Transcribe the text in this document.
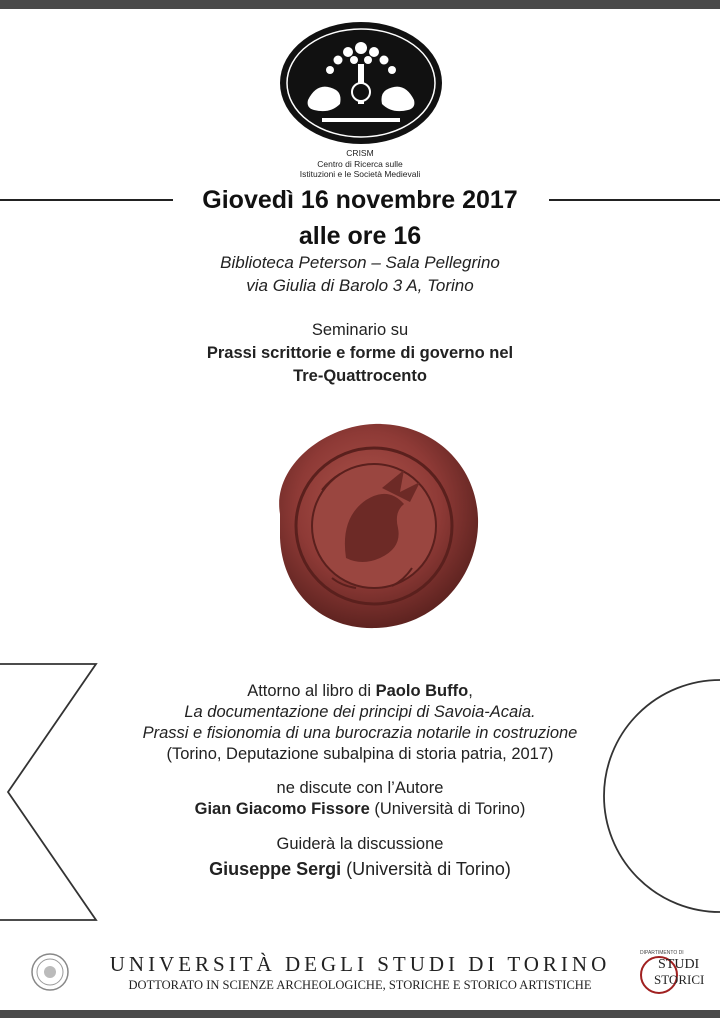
CRISM
Centro di Ricerca sulle
Istituzioni e le Società Medievali
Giovedì 16 novembre 2017
alle ore 16
Biblioteca Peterson – Sala Pellegrino
via Giulia di Barolo 3 A, Torino
Seminario su
Prassi scrittorie e forme di governo nel
Tre-Quattrocento
Attorno al libro di Paolo Buffo,
La documentazione dei principi di Savoia-Acaia.
Prassi e fisionomia di una burocrazia notarile in costruzione
(Torino, Deputazione subalpina di storia patria, 2017)
ne discute con l’Autore
Gian Giacomo Fissore (Università di Torino)
Guiderà la discussione
Giuseppe Sergi (Università di Torino)
UNIVERSITÀ DEGLI STUDI DI TORINO
DOTTORATO IN SCIENZE ARCHEOLOGICHE, STORICHE E STORICO ARTISTICHE
DIPARTIMENTO DI
STUDI
STORICI
